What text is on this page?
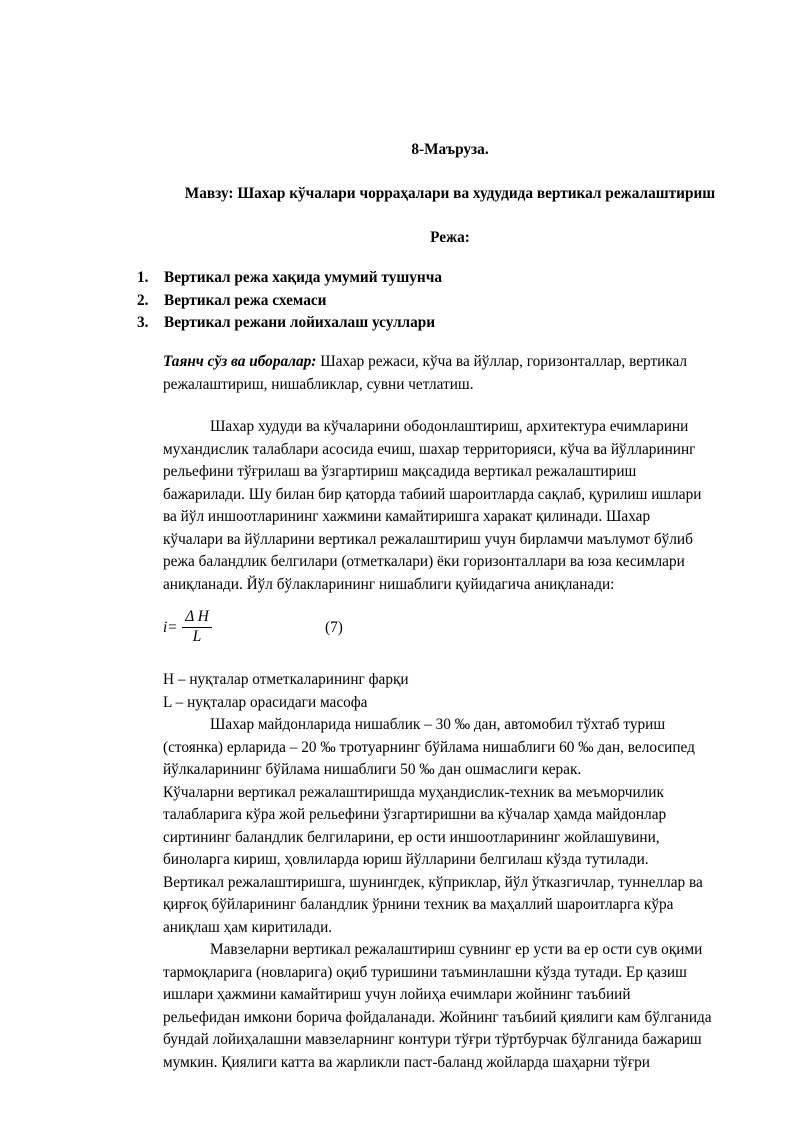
8-Маъруза.
Мавзу: Шахар кўчалари чорраҳалари ва худудида вертикал режалаштириш
Режа:
1. Вертикал режа хақида умумий тушунча
2. Вертикал режа схемаси
3. Вертикал режани лойихалаш усуллари
Таянч сўз ва иборалар: Шахар режаси, кўча ва йўллар, горизонталлар, вертикал
режалаштириш, нишабликлар, сувни четлатиш.
Шахар худуди ва кўчаларини ободонлаштириш, архитектура ечимларини
мухандислик талаблари асосида ечиш, шахар территорияси, кўча ва йўлларининг
рельефини тўғрилаш ва ўзгартириш мақсадида вертикал режалаштириш
бажарилади. Шу билан бир қаторда табиий шароитларда сақлаб, қурилиш ишлари
ва йўл иншоотларининг хажмини камайтиришга харакат қилинади. Шахар
кўчалари ва йўлларини вертикал режалаштириш учун бирламчи маълумот бўлиб
режа баландлик белгилари (отметкалари) ёки горизонталлари ва юза кесимлари
аниқланади. Йўл бўлакларининг нишаблиги қуйидагича аниқланади:
$i= \frac{\text{Δ H}}{L}$	(7)
H – нуқталар отметкаларининг фарқи
L – нуқталар орасидаги масофа
Шахар майдонларида нишаблик – 30 ‰ дан, автомобил тўхтаб туриш
(стоянка) ерларида – 20 ‰ тротуарнинг бўйлама нишаблиги 60 ‰ дан, велосипед
йўлкаларининг бўйлама нишаблиги 50 ‰ дан ошмаслиги керак.
Кўчаларни вертикал режалаштиришда муҳандислик-техник ва меъморчилик
талабларига кўра жой рельефини ўзгартиришни ва кўчалар ҳамда майдонлар
сиртининг баландлик белгиларини, ер ости иншоотларининг жойлашувини,
биноларга кириш, ҳовлиларда юриш йўлларини белгилаш кўзда тутилади.
Вертикал режалаштиришга, шунингдек, кўприклар, йўл ўтказгичлар, туннеллар ва
қирғоқ бўйларининг баландлик ўрнини техник ва маҳаллий шароитларга кўра
аниқлаш ҳам киритилади.
Мавзеларни вертикал режалаштириш сувнинг ер усти ва ер ости сув оқими
тармоқларига (новларига) оқиб туришини таъминлашни кўзда тутади. Ер қазиш
ишлари ҳажмини камайтириш учун лойиҳа ечимлари жойнинг таъбиий
рельефидан имкони борича фойдаланади. Жойнинг таъбиий қиялиги кам бўлганида
бундай лойиҳалашни мавзеларнинг контури тўғри тўртбурчак бўлганида бажариш
мумкин. Қиялиги катта ва жарликли паст-баланд жойларда шаҳарни тўғри
